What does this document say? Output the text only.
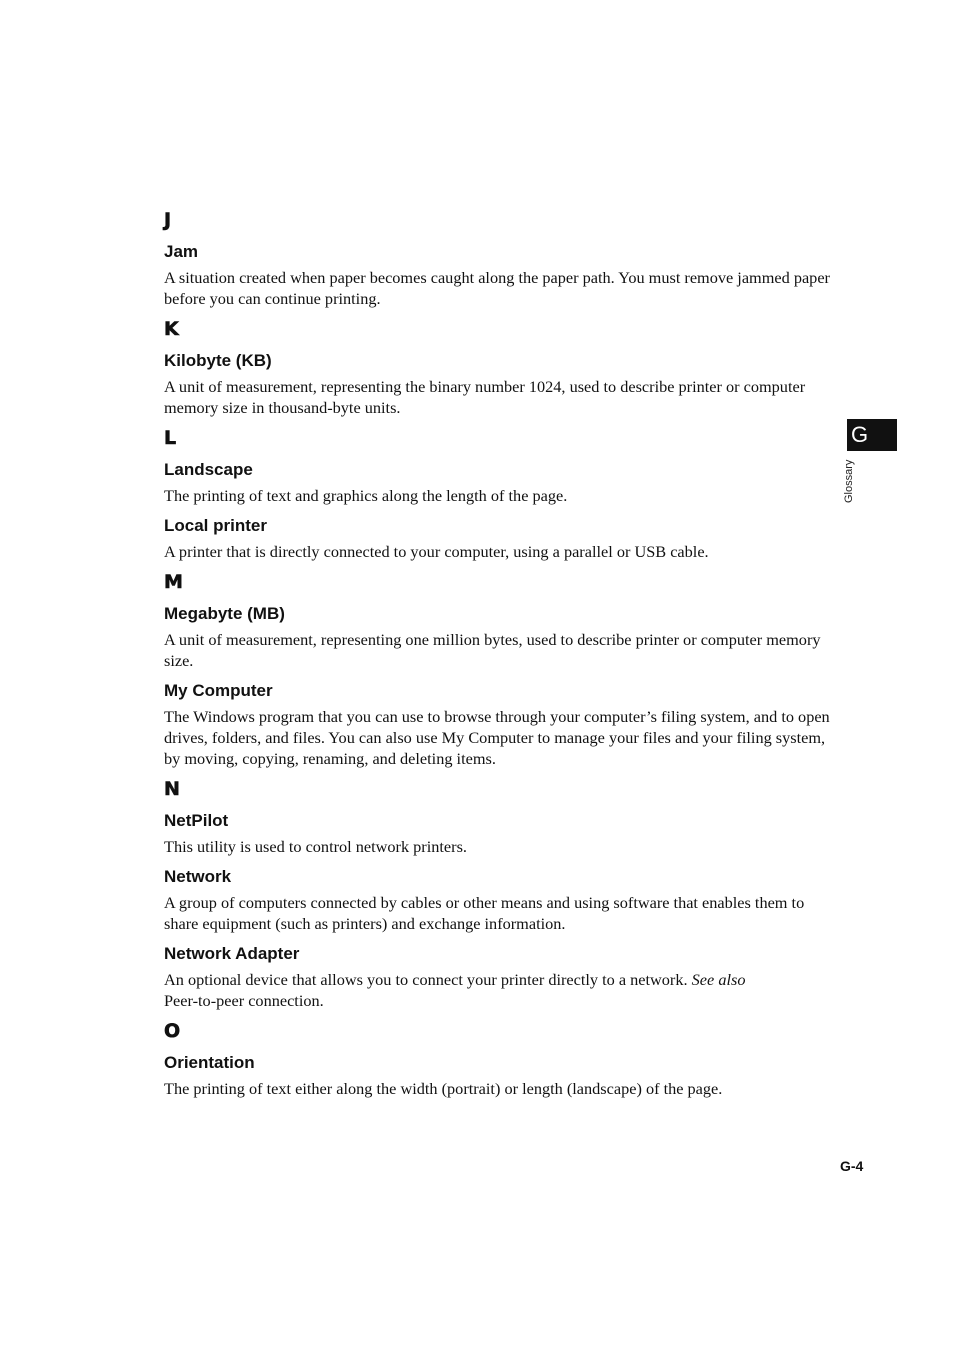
J
Jam
A situation created when paper becomes caught along the paper path. You must remove jammed paper before you can continue printing.
K
Kilobyte (KB)
A unit of measurement, representing the binary number 1024, used to describe printer or computer memory size in thousand-byte units.
L
Landscape
The printing of text and graphics along the length of the page.
Local printer
A printer that is directly connected to your computer, using a parallel or USB cable.
M
Megabyte (MB)
A unit of measurement, representing one million bytes, used to describe printer or computer memory size.
My Computer
The Windows program that you can use to browse through your computer’s filing system, and to open drives, folders, and files. You can also use My Computer to manage your files and your filing system, by moving, copying, renaming, and deleting items.
N
NetPilot
This utility is used to control network printers.
Network
A group of computers connected by cables or other means and using software that enables them to share equipment (such as printers) and exchange information.
Network Adapter
An optional device that allows you to connect your printer directly to a network. See also
Peer-to-peer connection.
O
Orientation
The printing of text either along the width (portrait) or length (landscape) of the page.
G
Glossary
G-4
